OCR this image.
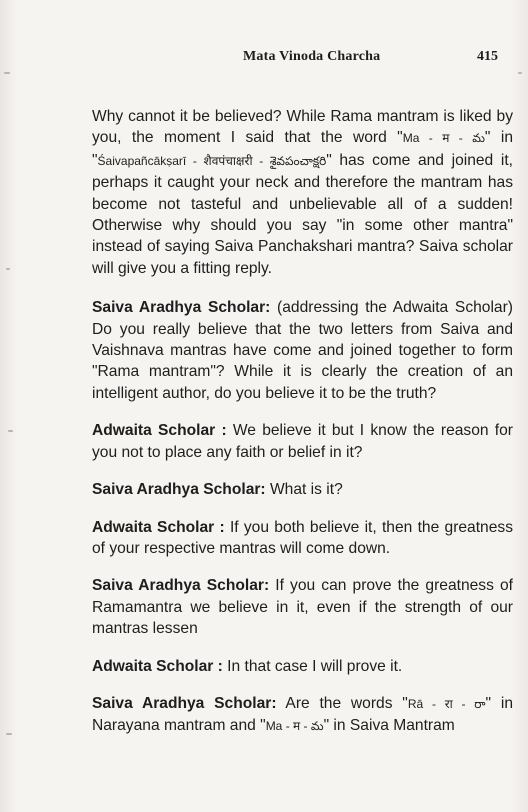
Mata Vinoda Charcha	415

Why cannot it be believed? While Rama mantram is liked by you, the moment I said that the word "Ma - म - మ" in "Śaivapañcākṣarī - शैवपंचाक्षरी - శైవపంచాక్షరి" has come and joined it, perhaps it caught your neck and therefore the mantram has become not tasteful and unbelievable all of a sudden! Otherwise why should you say "in some other mantra" instead of saying Saiva Panchakshari mantra? Saiva scholar will give you a fitting reply.

Saiva Aradhya Scholar: (addressing the Adwaita Scholar) Do you really believe that the two letters from Saiva and Vaishnava mantras have come and joined together to form "Rama mantram"? While it is clearly the creation of an intelligent author, do you believe it to be the truth?

Adwaita Scholar : We believe it but I know the reason for you not to place any faith or belief in it?

Saiva Aradhya Scholar: What is it?

Adwaita Scholar : If you both believe it, then the greatness of your respective mantras will come down.

Saiva Aradhya Scholar: If you can prove the greatness of Ramamantra we believe in it, even if the strength of our mantras lessen

Adwaita Scholar : In that case I will prove it.

Saiva Aradhya Scholar: Are the words "Rā - रा - రా" in Narayana mantram and "Ma - म - మ" in Saiva Mantram
